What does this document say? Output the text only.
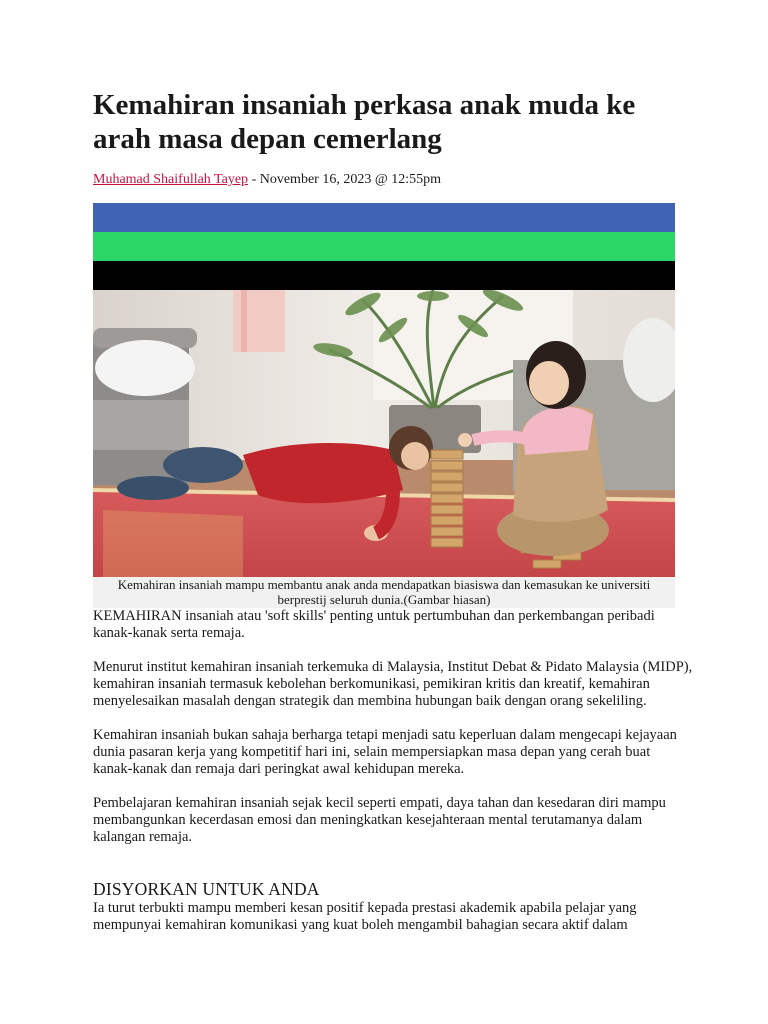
Kemahiran insaniah perkasa anak muda ke arah masa depan cemerlang
Muhamad Shaifullah Tayep - November 16, 2023 @ 12:55pm
Kemahiran insaniah mampu membantu anak anda mendapatkan biasiswa dan kemasukan ke universiti berprestij seluruh dunia.(Gambar hiasan)

KEMAHIRAN insaniah atau 'soft skills' penting untuk pertumbuhan dan perkembangan peribadi kanak-kanak serta remaja.

Menurut institut kemahiran insaniah terkemuka di Malaysia, Institut Debat & Pidato Malaysia (MIDP), kemahiran insaniah termasuk kebolehan berkomunikasi, pemikiran kritis dan kreatif, kemahiran menyelesaikan masalah dengan strategik dan membina hubungan baik dengan orang sekeliling.

Kemahiran insaniah bukan sahaja berharga tetapi menjadi satu keperluan dalam mengecapi kejayaan dunia pasaran kerja yang kompetitif hari ini, selain mempersiapkan masa depan yang cerah buat kanak-kanak dan remaja dari peringkat awal kehidupan mereka.

Pembelajaran kemahiran insaniah sejak kecil seperti empati, daya tahan dan kesedaran diri mampu membangunkan kecerdasan emosi dan meningkatkan kesejahteraan mental terutamanya dalam kalangan remaja.

DISYORKAN UNTUK ANDA
Ia turut terbukti mampu memberi kesan positif kepada prestasi akademik apabila pelajar yang mempunyai kemahiran komunikasi yang kuat boleh mengambil bahagian secara aktif dalam
